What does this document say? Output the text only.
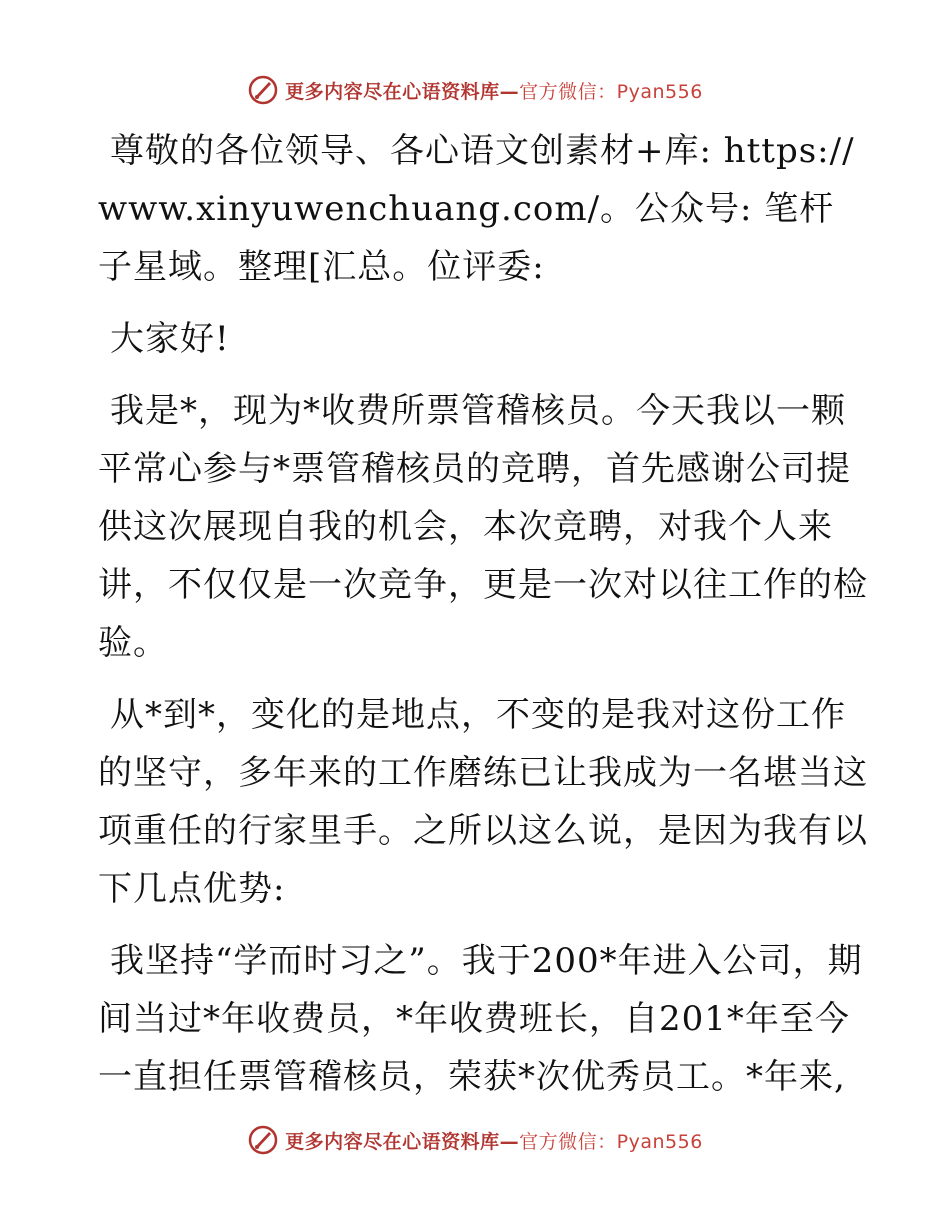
更多内容尽在心语资料库—官方微信：Pyan556

尊敬的各位领导、各心语文创素材+库: https://www.xinyuwenchuang.com/。公众号: 笔杆子星域。整理[汇总。位评委:

大家好!

我是*，现为*收费所票管稽核员。今天我以一颗平常心参与*票管稽核员的竞聘，首先感谢公司提供这次展现自我的机会，本次竞聘，对我个人来讲，不仅仅是一次竞争，更是一次对以往工作的检验。

从*到*，变化的是地点，不变的是我对这份工作的坚守，多年来的工作磨练已让我成为一名堪当这项重任的行家里手。之所以这么说，是因为我有以下几点优势:

我坚持“学而时习之”。我于200*年进入公司，期间当过*年收费员，*年收费班长，自201*年至今一直担任票管稽核员，荣获*次优秀员工。*年来,

更多内容尽在心语资料库—官方微信：Pyan556
